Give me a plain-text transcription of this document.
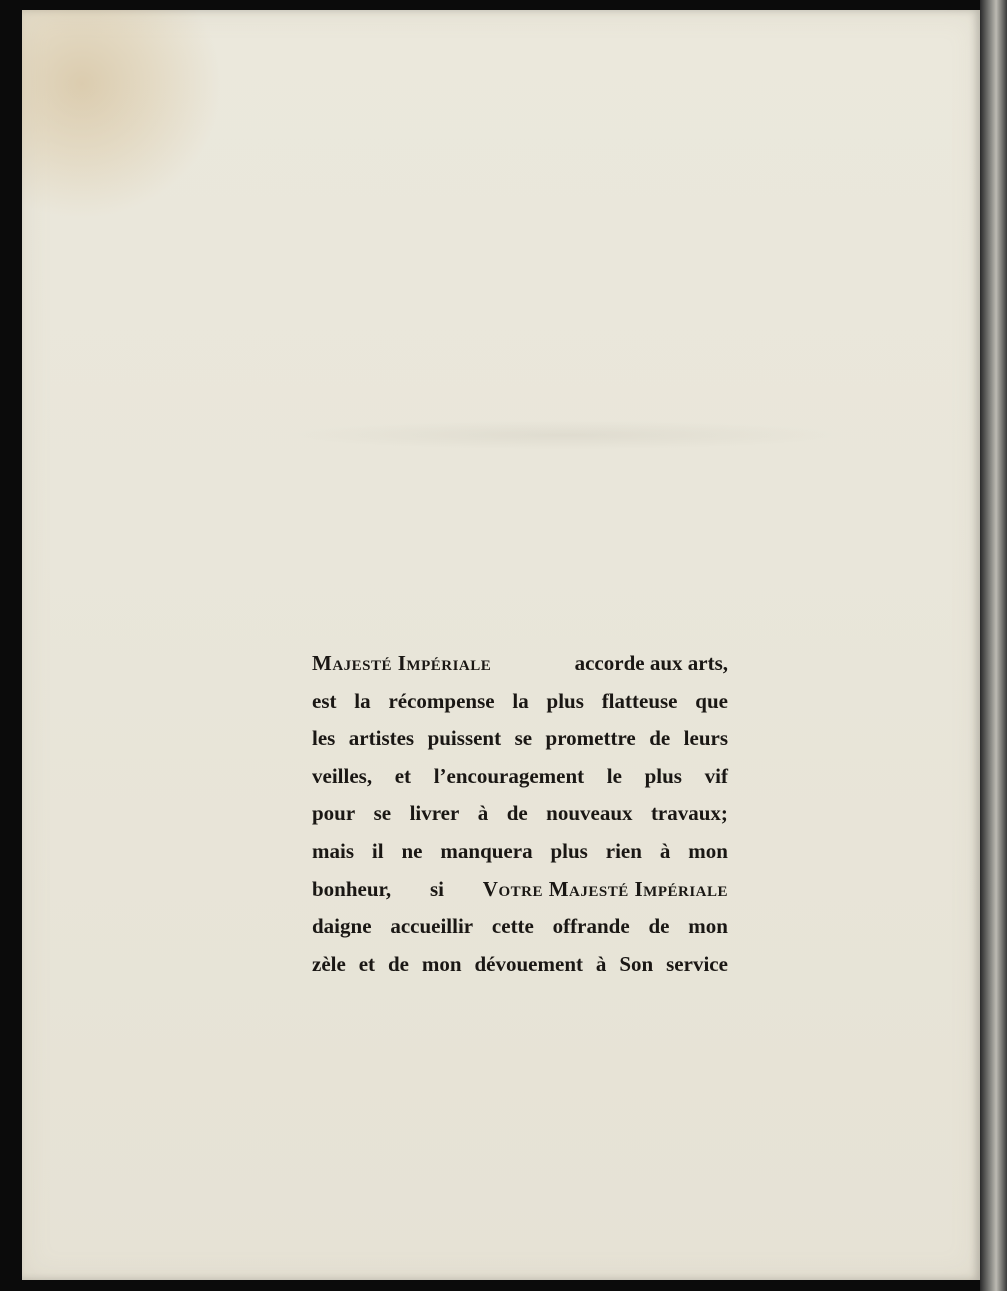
Majesté Impériale	accorde aux arts,
est la récompense la plus flatteuse que
les artistes puissent se promettre de leurs
veilles, et l’encouragement le plus vif
pour se livrer à de nouveaux travaux;
mais il ne manquera plus rien à mon
bonheur, si Votre Majesté Impériale
daigne accueillir cette offrande de mon
zèle et de mon dévouement à Son service
